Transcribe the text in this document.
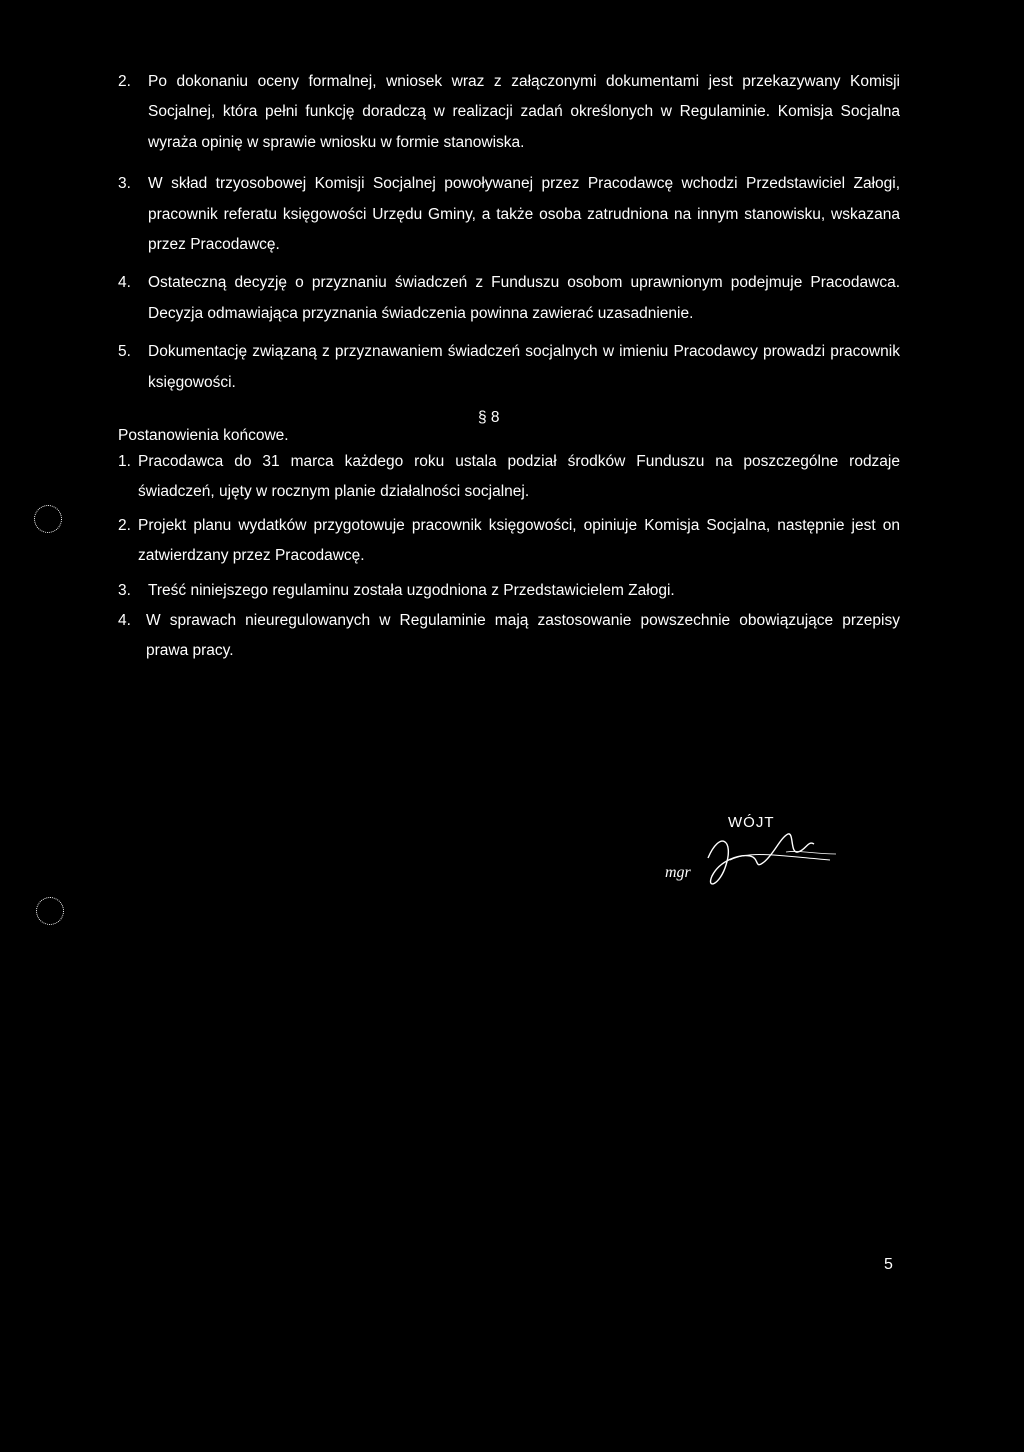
2.	Po dokonaniu oceny formalnej, wniosek wraz z załączonymi dokumentami jest przekazywany Komisji Socjalnej, która pełni funkcję doradczą w realizacji zadań określonych w Regulaminie. Komisja Socjalna wyraża opinię w sprawie wniosku w formie stanowiska.
3.	W skład trzyosobowej Komisji Socjalnej powoływanej przez Pracodawcę wchodzi Przedstawiciel Załogi, pracownik referatu księgowości Urzędu Gminy, a także osoba zatrudniona na innym stanowisku, wskazana przez Pracodawcę.
4.	Ostateczną decyzję o przyznaniu świadczeń z Funduszu osobom uprawnionym podejmuje Pracodawca. Decyzja odmawiająca przyznania świadczenia powinna zawierać uzasadnienie.
5.	Dokumentację związaną z przyznawaniem świadczeń socjalnych w imieniu Pracodawcy prowadzi pracownik księgowości.
§ 8
Postanowienia końcowe.
1. Pracodawca do 31 marca każdego roku ustala podział środków Funduszu na poszczególne rodzaje świadczeń, ujęty w rocznym planie działalności socjalnej.
2. Projekt planu wydatków przygotowuje pracownik księgowości, opiniuje Komisja Socjalna, następnie jest on zatwierdzany przez Pracodawcę.
3.	Treść niniejszego regulaminu została uzgodniona z Przedstawicielem Załogi.
4. W sprawach nieuregulowanych w Regulaminie mają zastosowanie powszechnie obowiązujące przepisy prawa pracy.
WÓJT
mgr
5
